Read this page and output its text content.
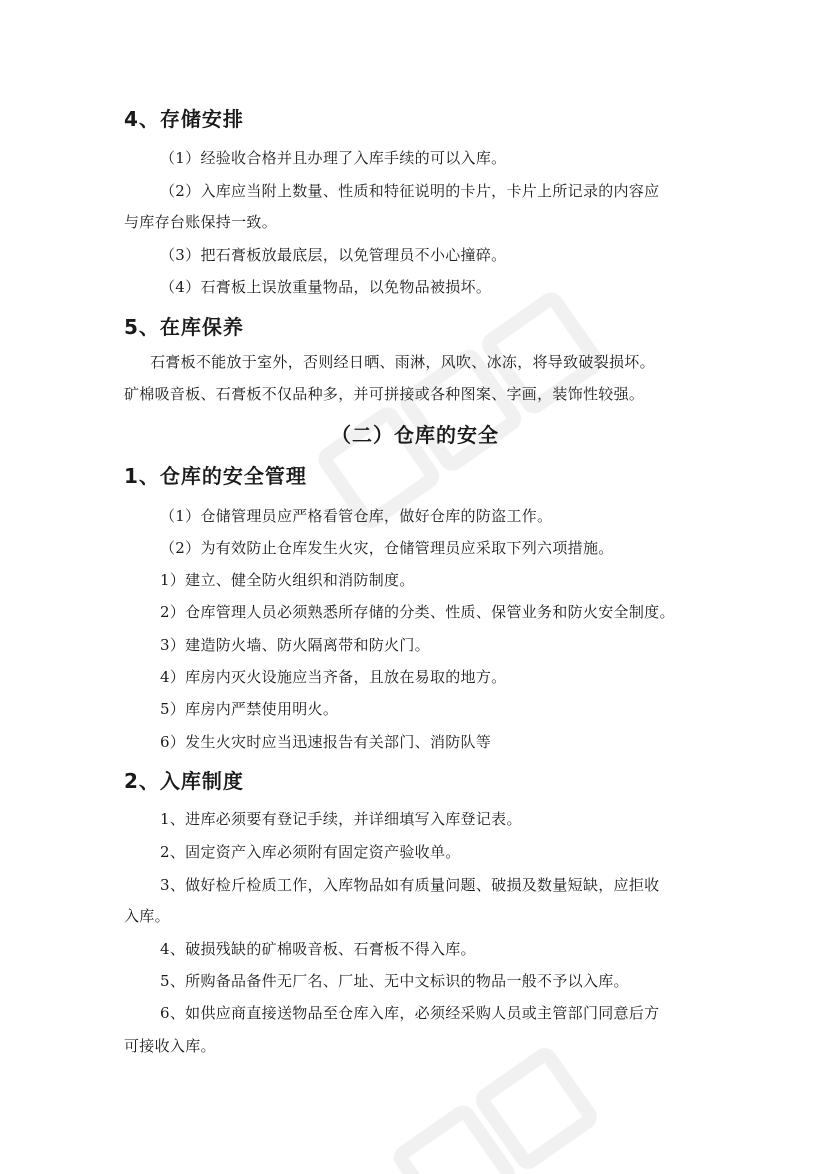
4、存储安排
（1）经验收合格并且办理了入库手续的可以入库。
（2）入库应当附上数量、性质和特征说明的卡片，卡片上所记录的内容应
与库存台账保持一致。
（3）把石膏板放最底层，以免管理员不小心撞碎。
（4）石膏板上误放重量物品，以免物品被损坏。
5、在库保养
石膏板不能放于室外，否则经日晒、雨淋，风吹、冰冻，将导致破裂损坏。
矿棉吸音板、石膏板不仅品种多，并可拼接或各种图案、字画，装饰性较强。
（二）仓库的安全
1、仓库的安全管理
（1）仓储管理员应严格看管仓库，做好仓库的防盗工作。
（2）为有效防止仓库发生火灾，仓储管理员应采取下列六项措施。
1）建立、健全防火组织和消防制度。
2）仓库管理人员必须熟悉所存储的分类、性质、保管业务和防火安全制度。
3）建造防火墙、防火隔离带和防火门。
4）库房内灭火设施应当齐备，且放在易取的地方。
5）库房内严禁使用明火。
6）发生火灾时应当迅速报告有关部门、消防队等
2、入库制度
1、进库必须要有登记手续，并详细填写入库登记表。
2、固定资产入库必须附有固定资产验收单。
3、做好检斤检质工作，入库物品如有质量问题、破损及数量短缺，应拒收
入库。
4、破损残缺的矿棉吸音板、石膏板不得入库。
5、所购备品备件无厂名、厂址、无中文标识的物品一般不予以入库。
6、如供应商直接送物品至仓库入库，必须经采购人员或主管部门同意后方
可接收入库。
